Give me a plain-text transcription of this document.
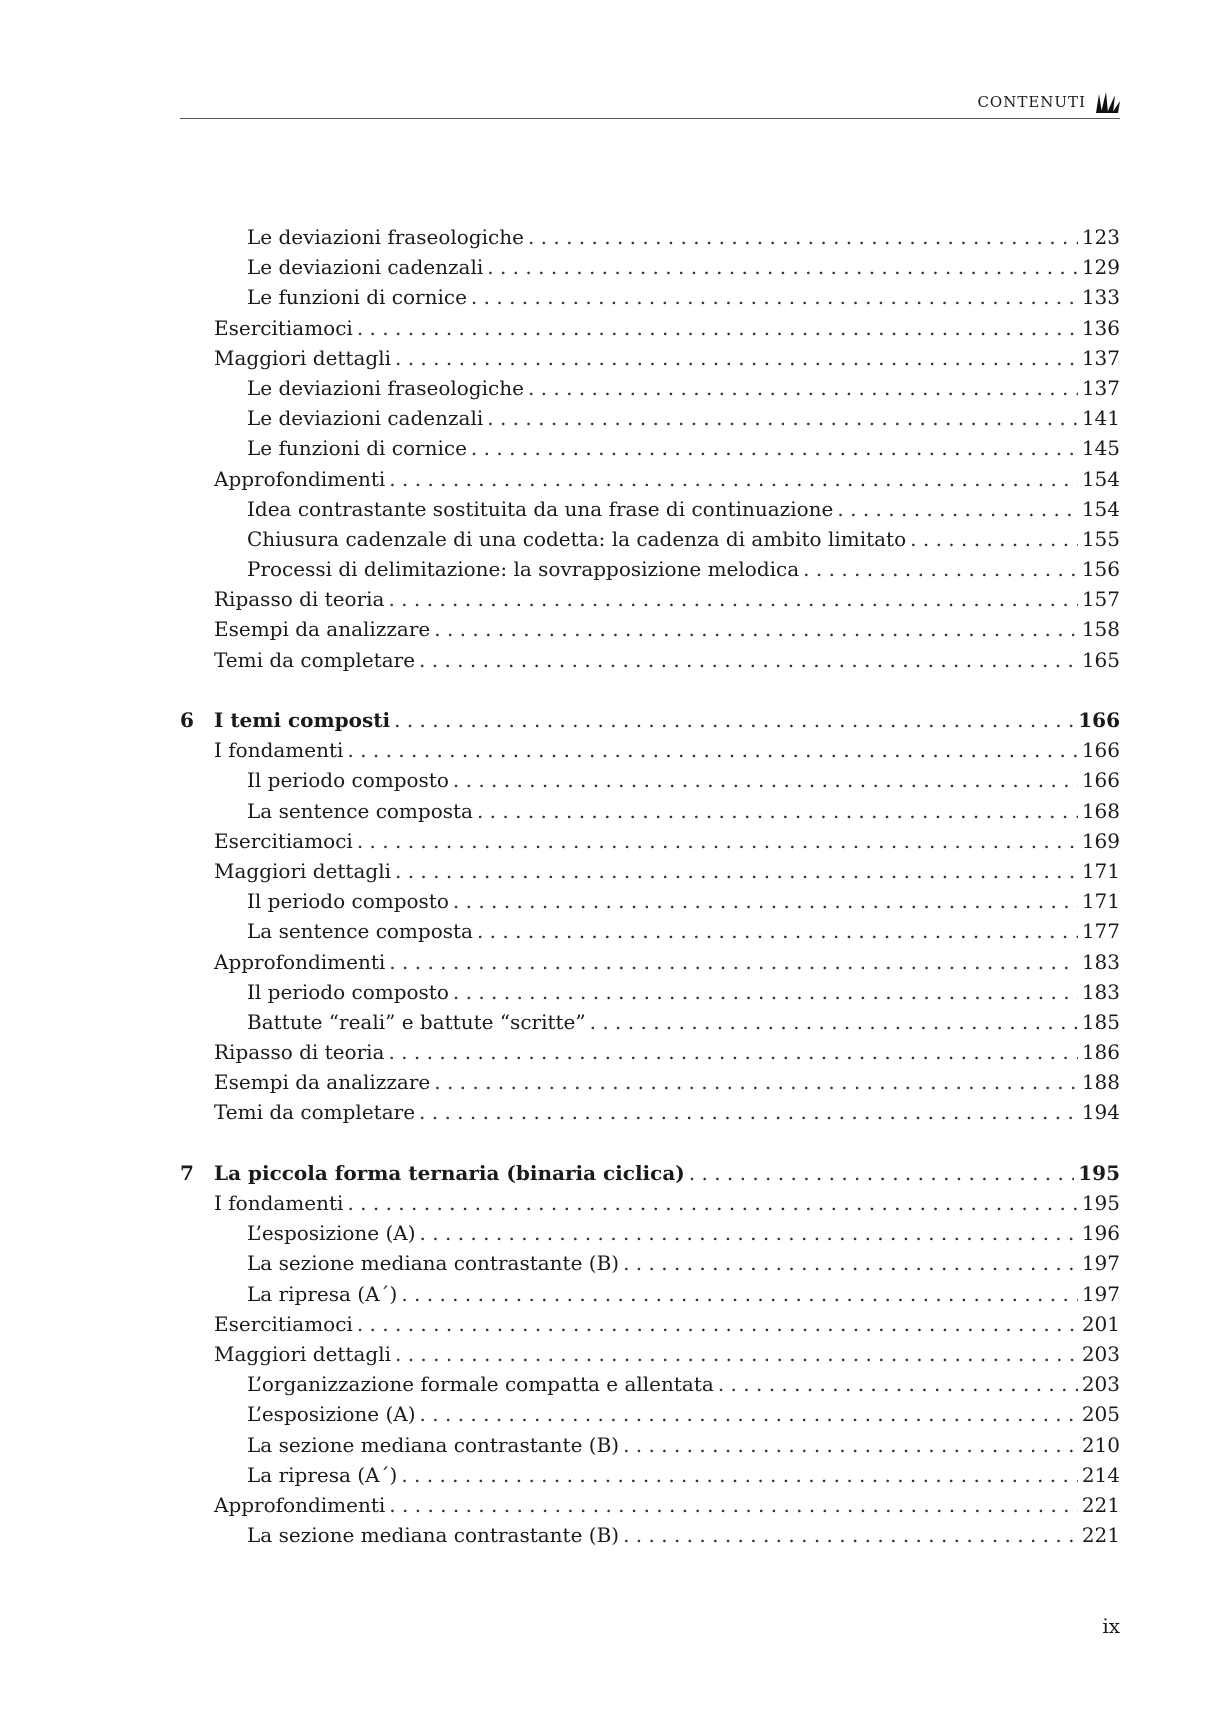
CONTENUTI
Le deviazioni fraseologiche . . .	123
Le deviazioni cadenzali . . .	129
Le funzioni di cornice . . .	133
Esercitiamoci . . .	136
Maggiori dettagli . . .	137
Le deviazioni fraseologiche . . .	137
Le deviazioni cadenzali . . .	141
Le funzioni di cornice . . .	145
Approfondimenti . . .	154
Idea contrastante sostituita da una frase di continuazione . . .	154
Chiusura cadenzale di una codetta: la cadenza di ambito limitato . . .	155
Processi di delimitazione: la sovrapposizione melodica . . .	156
Ripasso di teoria . . .	157
Esempi da analizzare . . .	158
Temi da completare . . .	165
6	I temi composti . . .	166
I fondamenti . . .	166
Il periodo composto . . .	166
La sentence composta . . .	168
Esercitiamoci . . .	169
Maggiori dettagli . . .	171
Il periodo composto . . .	171
La sentence composta . . .	177
Approfondimenti . . .	183
Il periodo composto . . .	183
Battute “reali” e battute “scritte” . . .	185
Ripasso di teoria . . .	186
Esempi da analizzare . . .	188
Temi da completare . . .	194
7	La piccola forma ternaria (binaria ciclica) . . .	195
I fondamenti . . .	195
L’esposizione (A) . . .	196
La sezione mediana contrastante (B) . . .	197
La ripresa (A´) . . .	197
Esercitiamoci . . .	201
Maggiori dettagli . . .	203
L’organizzazione formale compatta e allentata . . .	203
L’esposizione (A) . . .	205
La sezione mediana contrastante (B) . . .	210
La ripresa (A´) . . .	214
Approfondimenti . . .	221
La sezione mediana contrastante (B) . . .	221
ix
